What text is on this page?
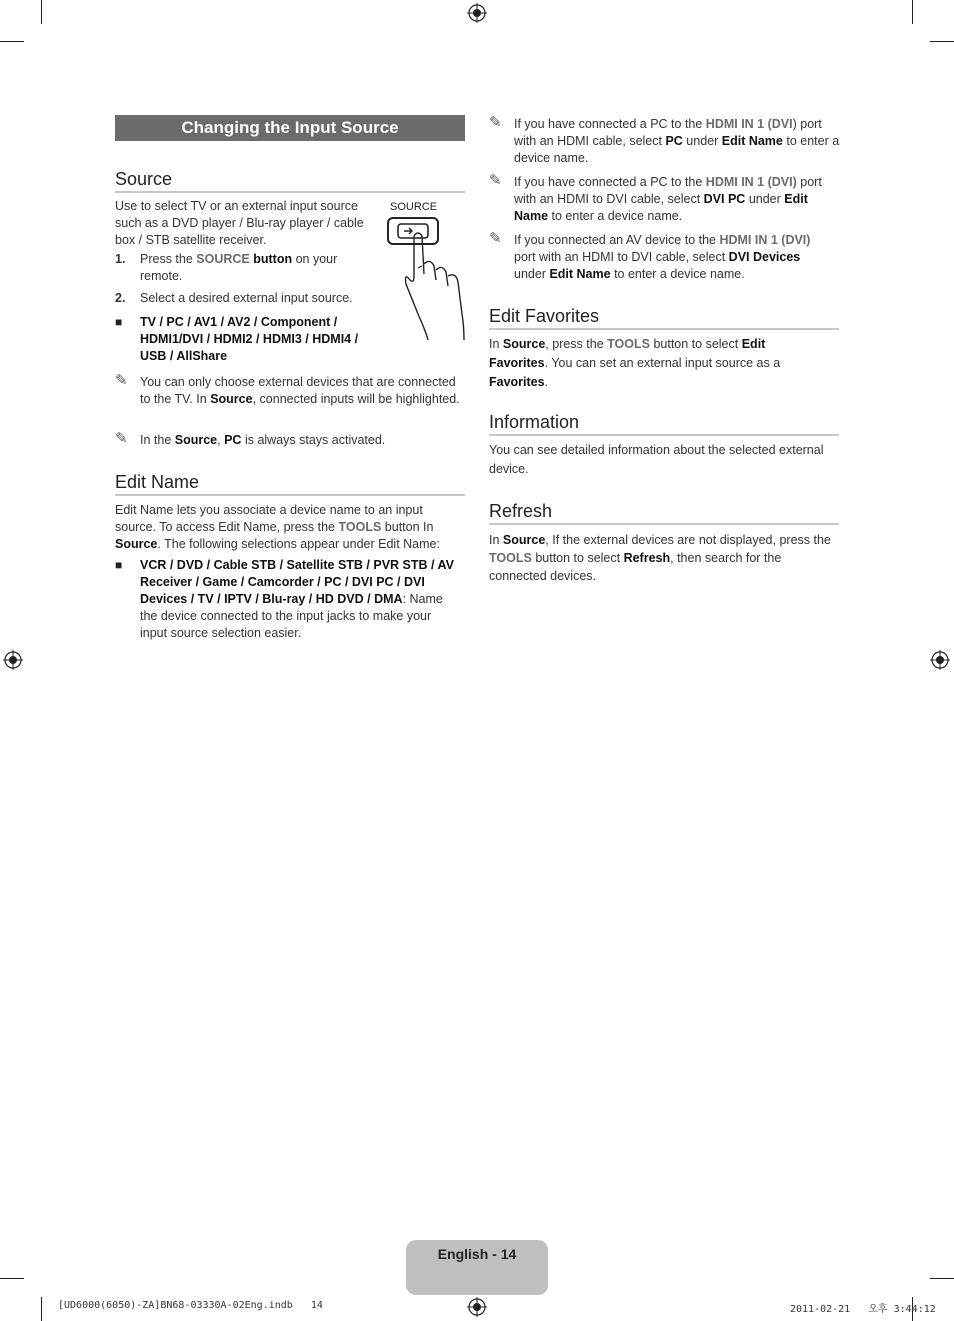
Changing the Input Source
Source
Use to select TV or an external input source such as a DVD player / Blu-ray player / cable box / STB satellite receiver.
SOURCE
1. Press the SOURCE button on your remote.
2. Select a desired external input source.
■ TV / PC / AV1 / AV2 / Component / HDMI1/DVI / HDMI2 / HDMI3 / HDMI4 / USB / AllShare
✎ You can only choose external devices that are connected to the TV. In Source, connected inputs will be highlighted.
✎ In the Source, PC is always stays activated.
Edit Name
Edit Name lets you associate a device name to an input source. To access Edit Name, press the TOOLS button In Source. The following selections appear under Edit Name:
■ VCR / DVD / Cable STB / Satellite STB / PVR STB / AV Receiver / Game / Camcorder / PC / DVI PC / DVI Devices / TV / IPTV / Blu-ray / HD DVD / DMA: Name the device connected to the input jacks to make your input source selection easier.
✎ If you have connected a PC to the HDMI IN 1 (DVI) port with an HDMI cable, select PC under Edit Name to enter a device name.
✎ If you have connected a PC to the HDMI IN 1 (DVI) port with an HDMI to DVI cable, select DVI PC under Edit Name to enter a device name.
✎ If you connected an AV device to the HDMI IN 1 (DVI) port with an HDMI to DVI cable, select DVI Devices under Edit Name to enter a device name.
Edit Favorites
In Source, press the TOOLS button to select Edit Favorites. You can set an external input source as a Favorites.
Information
You can see detailed information about the selected external device.
Refresh
In Source, If the external devices are not displayed, press the TOOLS button to select Refresh, then search for the connected devices.
English - 14
[UD6000(6050)-ZA]BN68-03330A-02Eng.indb   14	2011-02-21   오후 3:44:12
